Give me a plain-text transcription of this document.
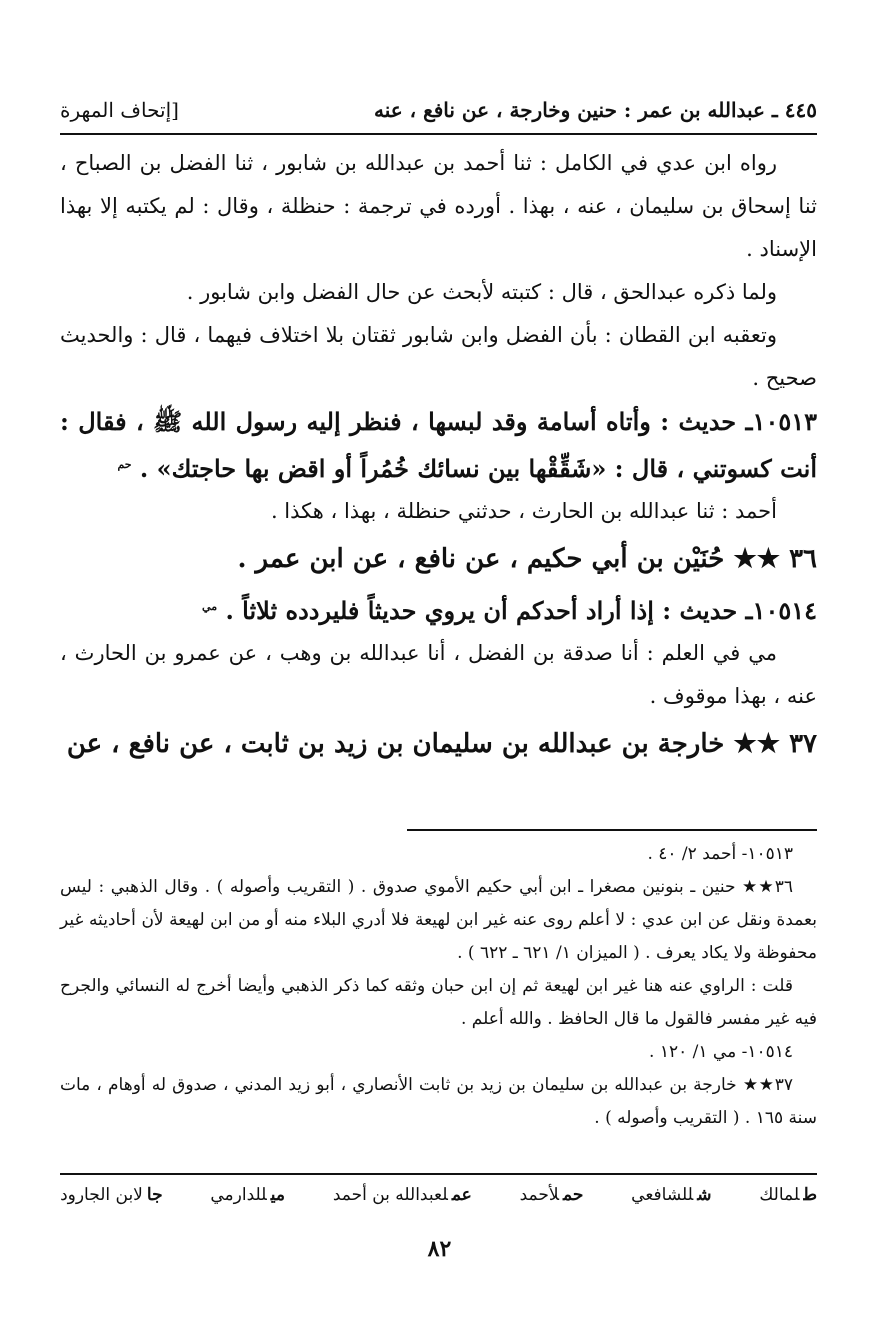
٤٤٥ ـ عبدالله بن عمر : حنين وخارجة ، عن نافع ، عنه
[إتحاف المهرة

رواه ابن عدي في الكامل : ثنا أحمد بن عبدالله بن شابور ، ثنا الفضل بن الصباح ، ثنا إسحاق بن سليمان ، عنه ، بهذا . أورده في ترجمة : حنظلة ، وقال : لم يكتبه إلا بهذا الإسناد .

ولما ذكره عبدالحق ، قال : كتبته لأبحث عن حال الفضل وابن شابور .

وتعقبه ابن القطان : بأن الفضل وابن شابور ثقتان بلا اختلاف فيهما ، قال : والحديث صحيح .

١٠٥١٣ـ حديث : وأتاه أسامة وقد لبسها ، فنظر إليه رسول الله ﷺ ، فقال : أنت كسوتني ، قال : «شَقِّقْها بين نسائك خُمُراً أو اقض بها حاجتك» . $^{حم}$

أحمد : ثنا عبدالله بن الحارث ، حدثني حنظلة ، بهذا ، هكذا .

٣٦ ★★ حُنَيْن بن أبي حكيم ، عن نافع ، عن ابن عمر .

١٠٥١٤ـ حديث : إذا أراد أحدكم أن يروي حديثاً فليردده ثلاثاً . $^{مي}$

مي في العلم : أنا صدقة بن الفضل ، أنا عبدالله بن وهب ، عن عمرو بن الحارث ، عنه ، بهذا موقوف .

٣٧ ★★ خارجة بن عبدالله بن سليمان بن زيد بن ثابت ، عن نافع ، عن

١٠٥١٣- أحمد ٢/ ٤٠ .

٣٦★★ حنين ـ بنونين مصغرا ـ ابن أبي حكيم الأموي صدوق . ( التقريب وأصوله ) . وقال الذهبي : ليس بعمدة ونقل عن ابن عدي : لا أعلم روى عنه غير ابن لهيعة فلا أدري البلاء منه أو من ابن لهيعة لأن أحاديثه غير محفوظة ولا يكاد يعرف . ( الميزان ١/ ٦٢١ ـ ٦٢٢ ) .

قلت : الراوي عنه هنا غير ابن لهيعة ثم إن ابن حبان وثقه كما ذكر الذهبي وأيضا أخرج له النسائي والجرح فيه غير مفسر فالقول ما قال الحافظ . والله أعلم .

١٠٥١٤- مي ١/ ١٢٠ .

٣٧★★ خارجة بن عبدالله بن سليمان بن زيد بن ثابت الأنصاري ، أبو زيد المدني ، صدوق له أوهام ، مات سنة ١٦٥ . ( التقريب وأصوله ) .

طلمالك
شللشافعي
حملأحمد
عملعبدالله بن أحمد
ميللدارمي
جالابن الجارود
٨٢
